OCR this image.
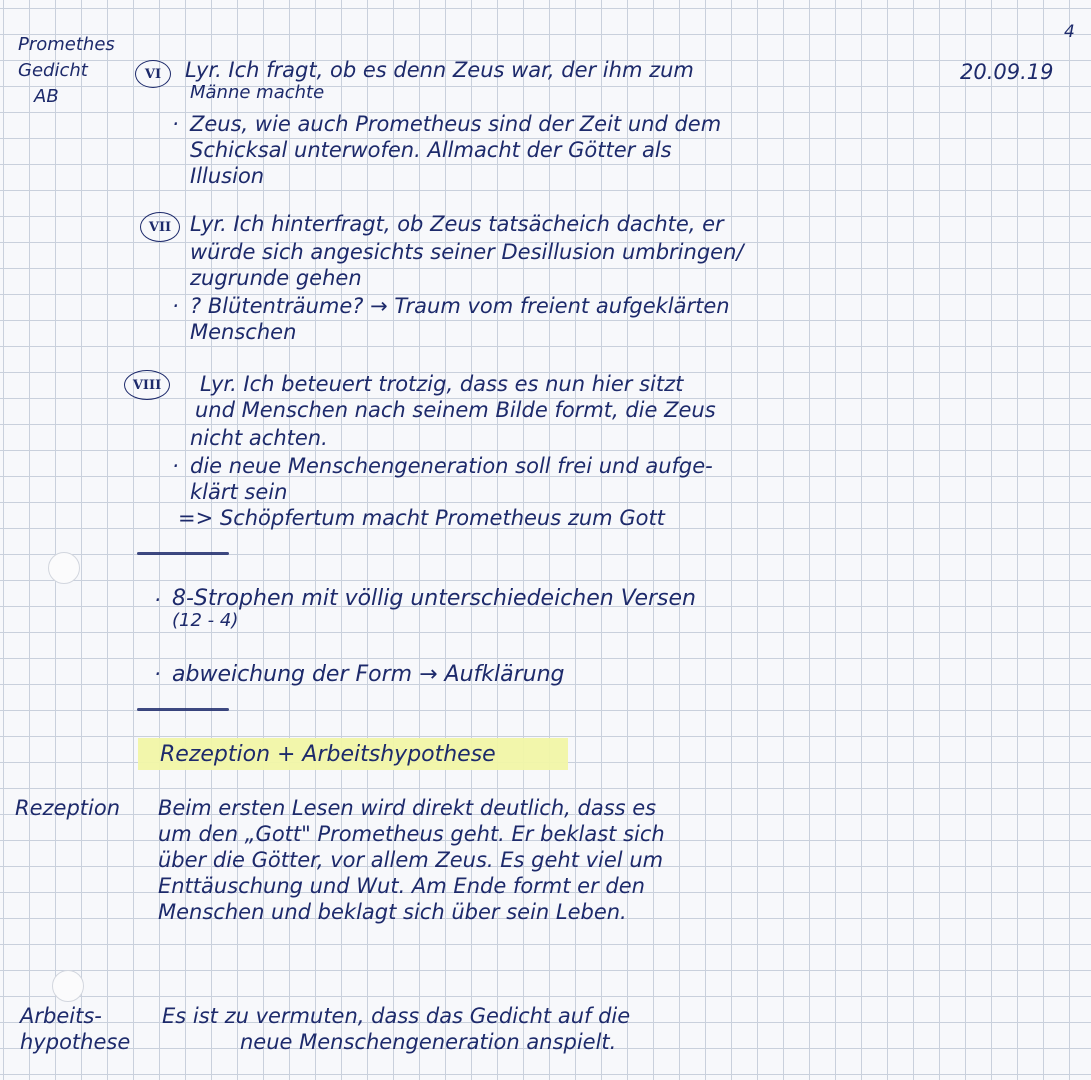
4
20.09.19
Promethes
Gedicht
AB
VI	Lyr. Ich fragt, ob es denn Zeus war, der ihm zum
Männe machte
· Zeus, wie auch Prometheus sind der Zeit und dem
Schicksal unterwofen. Allmacht der Götter als
Illusion
VII Lyr. Ich hinterfragt, ob Zeus tatsächeich dachte, er
würde sich angesichts seiner Desillusion umbringen/
zugrunde gehen
· ? Blütenträume? → Traum vom freient aufgeklärten
Menschen
VIII	Lyr. Ich beteuert trotzig, dass es nun hier sitzt
und Menschen nach seinem Bilde formt, die Zeus
nicht achten.
· die neue Menschengeneration soll frei und aufge-
klärt sein
=> Schöpfertum macht Prometheus zum Gott
· 8-Strophen mit völlig unterschiedeichen Versen
(12 - 4)
· abweichung der Form → Aufklärung
Rezeption + Arbeitshypothese
Rezeption Beim ersten Lesen wird direkt deutlich, dass es
um den „Gott" Prometheus geht. Er beklast sich
über die Götter, vor allem Zeus. Es geht viel um
Enttäuschung und Wut. Am Ende formt er den
Menschen und beklagt sich über sein Leben.
Arbeits-
hypothese
Es ist zu vermuten, dass das Gedicht auf die
neue Menschengeneration anspielt.
